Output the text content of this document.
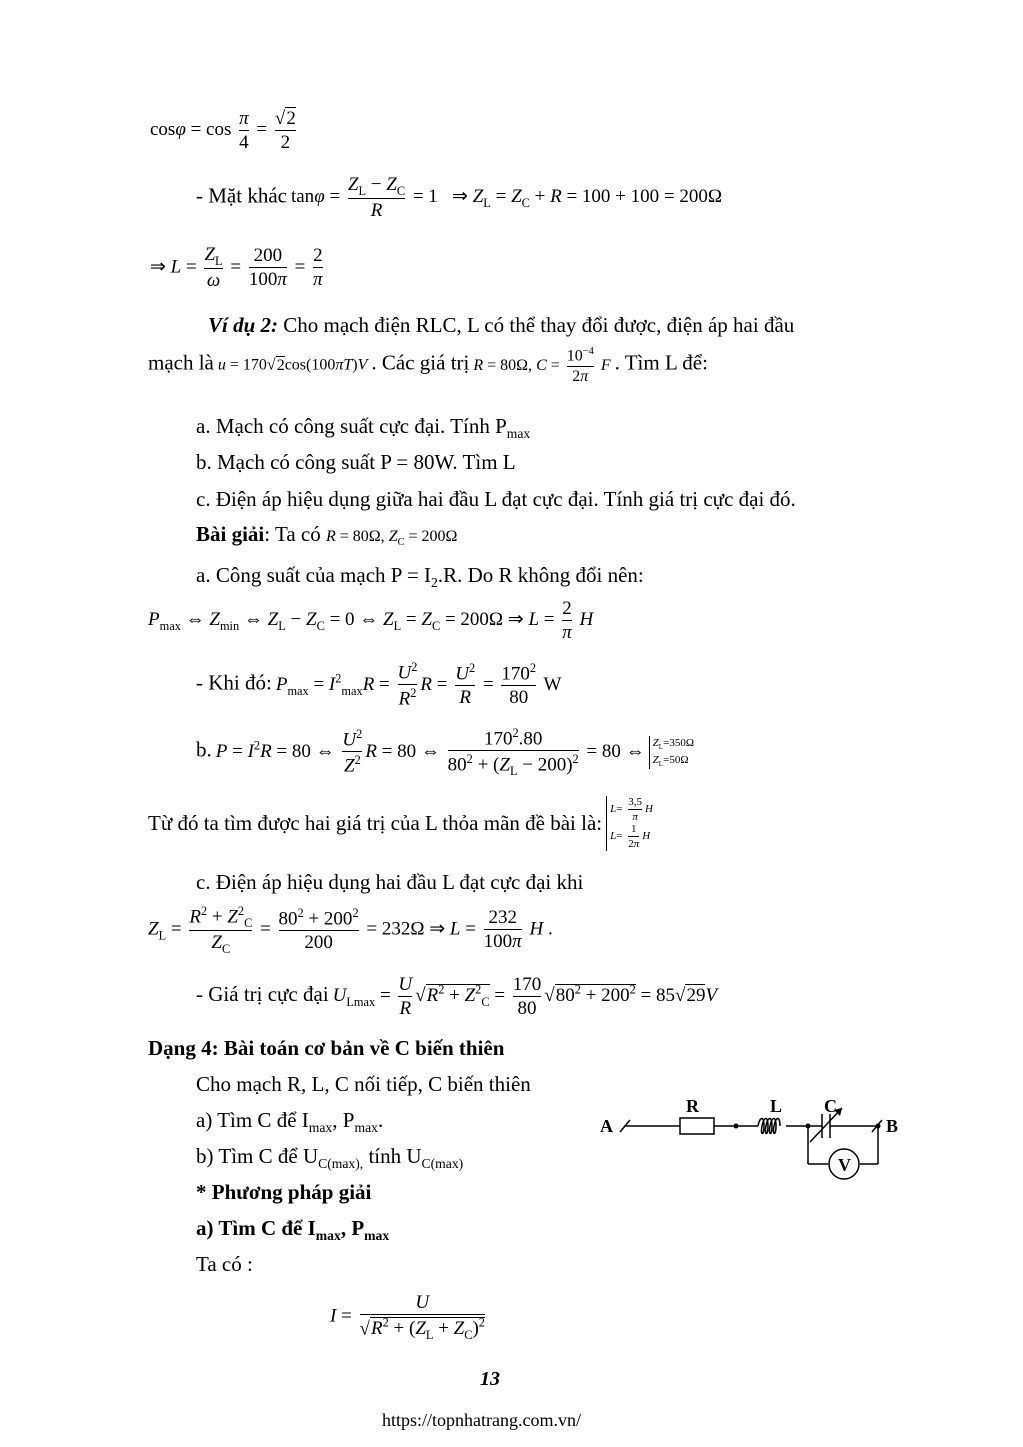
$\cos\varphi = \cos \frac{\pi}{4} = \frac{√2}{2}$
- Mặt khác $\tan\varphi = \frac{Z_L - Z_C}{R} = 1$   ⇒ $Z_L = Z_C + R = 100 + 100 = 200\Omega$
⇒ $L = \frac{Z_L}{\omega} = \frac{200}{100\pi} = \frac{2}{\pi}$
Ví dụ 2: Cho mạch điện RLC, L có thể thay đổi được, điện áp hai đầu
mạch là u = 170√2cos(100πT)V . Các giá trị R = 80Ω, $C = \frac{10^{-4}}{2\pi}$ F . Tìm L để:
a. Mạch có công suất cực đại. Tính $P_{max}$
b. Mạch có công suất P = 80W. Tìm L
c. Điện áp hiệu dụng giữa hai đầu L đạt cực đại. Tính giá trị cực đại đó.
Bài giải: Ta có R = 80Ω, $Z_C = 200\Omega$
a. Công suất của mạch $P = I_2.R$. Do R không đổi nên:
$P_{max}$ ⇔ $Z_{min}$ ⇔ $Z_L - Z_C = 0$ ⇔ $Z_L = Z_C = 200\Omega$ ⇒ $L = \frac{2}{\pi}$ H
- Khi đó: $P_{max} = I^2_{max}R = \frac{U^2}{R^2}$ $R = \frac{U^2}{R} = \frac{170^2}{80}$ W
b. $P = I^2R = 80$ ⇔ $\frac{U^2}{Z^2}$ R = 80 ⇔ $\frac{170^2.80}{80^2 + (Z_L - 200)^2} = 80$ ⇔ $Z_L=350\Omega$
$Z_L=50\Omega$
Từ đó ta tìm được hai giá trị của L thỏa mãn đề bài là: $L= \frac{3,5}{\pi}$ H
$L= \frac{1}{2\pi}$ H
c. Điện áp hiệu dụng hai đầu L đạt cực đại khi
$Z_L = \frac{R^2 + Z^2_C}{Z_C} = \frac{80^2 + 200^2}{200} = 232\Omega$ ⇒ $L = \frac{232}{100\pi}$ H .
- Giá trị cực đại $U_{Lmax} = \frac{U}{R} √R^2 + Z^2_C = \frac{170}{80} √80^2 + 200^2 = 85√29V$
Dạng 4: Bài toán cơ bản về C biến thiên
Cho mạch R, L, C nối tiếp, C biến thiên
a) Tìm C để $I_{max}$, $P_{max}$.
b) Tìm C để $U_{C(max),}$ tính $U_{C(max)}$
* Phương pháp giải
a) Tìm C để $I_{max}$, $P_{max}$
Ta có :
$I = \frac{U}{√R^2 + (Z_L + Z_C)^2}$
A	B
R	L C
V
13
https://topnhatrang.com.vn/
